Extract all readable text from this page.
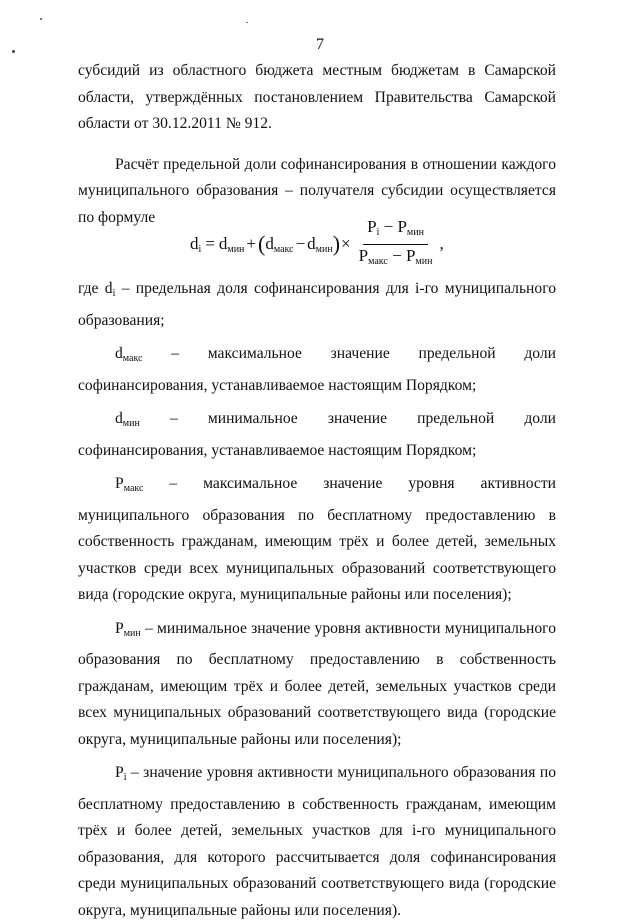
7

субсидий из областного бюджета местным бюджетам в Самарской области, утверждённых постановлением Правительства Самарской области от 30.12.2011 № 912.

Расчёт предельной доли софинансирования в отношении каждого муниципального образования – получателя субсидии осуществляется по формуле

$d_i = d_{мин}$ + ( $d_{макс} - d_{мин}$ ) × $\frac{P_i - P_{мин}}{P_{макс} - P_{мин}}$ ,

где $d_i$ – предельная доля софинансирования для i-го муниципального образования;

$d_{макс}$ – максимальное значение предельной доли софинансирования, устанавливаемое настоящим Порядком;

$d_{мин}$ – минимальное значение предельной доли софинансирования, устанавливаемое настоящим Порядком;

$P_{макс}$ – максимальное значение уровня активности муниципального образования по бесплатному предоставлению в собственность гражданам, имеющим трёх и более детей, земельных участков среди всех муниципальных образований соответствующего вида (городские округа, муниципальные районы или поселения);

$P_{мин}$ – минимальное значение уровня активности муниципального образования по бесплатному предоставлению в собственность гражданам, имеющим трёх и более детей, земельных участков среди всех муниципальных образований соответствующего вида (городские округа, муниципальные районы или поселения);

$P_i$ – значение уровня активности муниципального образования по бесплатному предоставлению в собственность гражданам, имеющим трёх и более детей, земельных участков для i-го муниципального образования, для которого рассчитывается доля софинансирования среди муниципальных образований соответствующего вида (городские округа, муниципальные районы или поселения).
